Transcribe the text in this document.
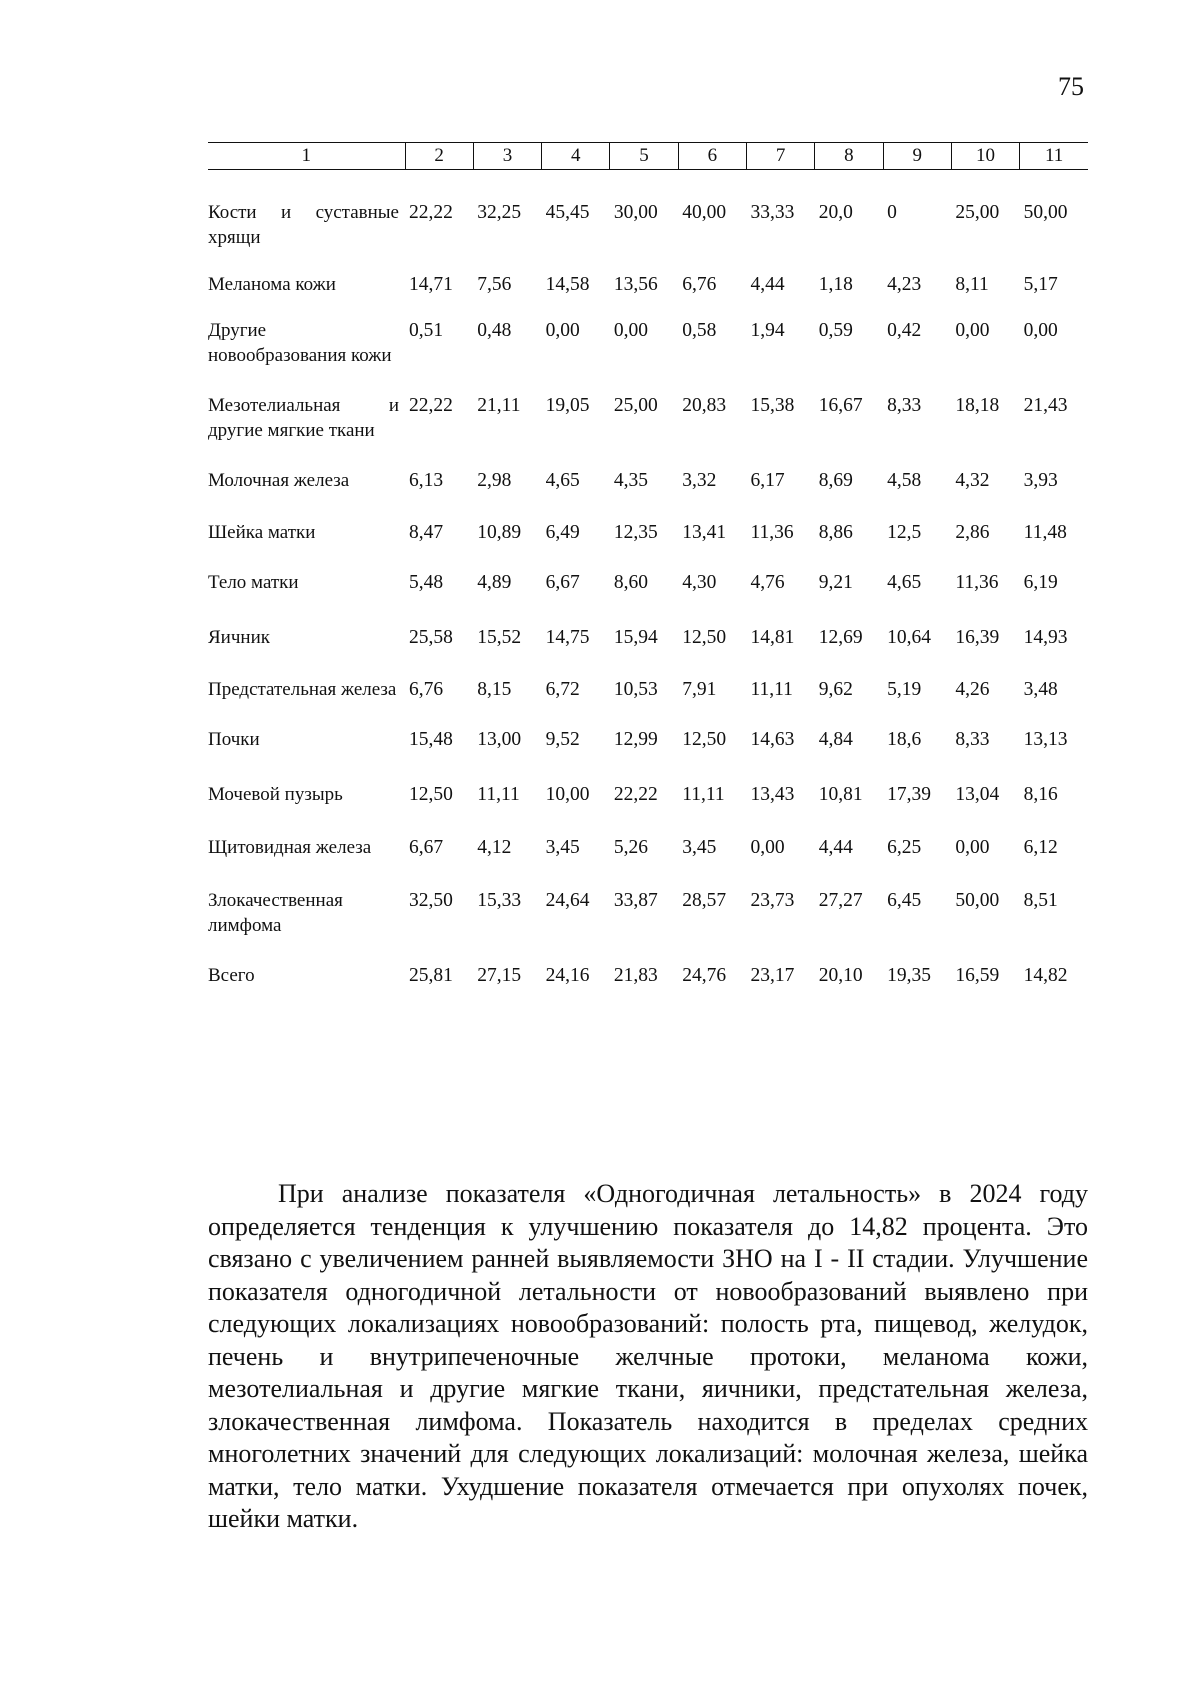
75
1	2	3	4	5	6	7	8	9	10	11

Кости и суставные хрящи	22,22	32,25	45,45	30,00	40,00	33,33	20,0	0	25,00	50,00

Меланома кожи	14,71	7,56	14,58	13,56	6,76	4,44	1,18	4,23	8,11	5,17

Другие новообразования кожи	0,51	0,48	0,00	0,00	0,58	1,94	0,59	0,42	0,00	0,00

Мезотелиальная и другие мягкие ткани	22,22	21,11	19,05	25,00	20,83	15,38	16,67	8,33	18,18	21,43

Молочная железа	6,13	2,98	4,65	4,35	3,32	6,17	8,69	4,58	4,32	3,93

Шейка матки	8,47	10,89	6,49	12,35	13,41	11,36	8,86	12,5	2,86	11,48

Тело матки	5,48	4,89	6,67	8,60	4,30	4,76	9,21	4,65	11,36	6,19

Яичник	25,58	15,52	14,75	15,94	12,50	14,81	12,69	10,64	16,39	14,93

Предстательная железа	6,76	8,15	6,72	10,53	7,91	11,11	9,62	5,19	4,26	3,48

Почки	15,48	13,00	9,52	12,99	12,50	14,63	4,84	18,6	8,33	13,13

Мочевой пузырь	12,50	11,11	10,00	22,22	11,11	13,43	10,81	17,39	13,04	8,16

Щитовидная железа	6,67	4,12	3,45	5,26	3,45	0,00	4,44	6,25	0,00	6,12

Злокачественная лимфома	32,50	15,33	24,64	33,87	28,57	23,73	27,27	6,45	50,00	8,51

Всего	25,81	27,15	24,16	21,83	24,76	23,17	20,10	19,35	16,59	14,82

При анализе показателя «Одногодичная летальность» в 2024 году определяется тенденция к улучшению показателя до 14,82 процента. Это связано с увеличением ранней выявляемости ЗНО на I - II стадии. Улучшение показателя одногодичной летальности от новообразований выявлено при следующих локализациях новообразований: полость рта, пищевод, желудок, печень и внутрипеченочные желчные протоки, меланома кожи, мезотелиальная и другие мягкие ткани, яичники, предстательная железа, злокачественная лимфома. Показатель находится в пределах средних многолетних значений для следующих локализаций: молочная железа, шейка матки, тело матки. Ухудшение показателя отмечается при опухолях почек, шейки матки.
